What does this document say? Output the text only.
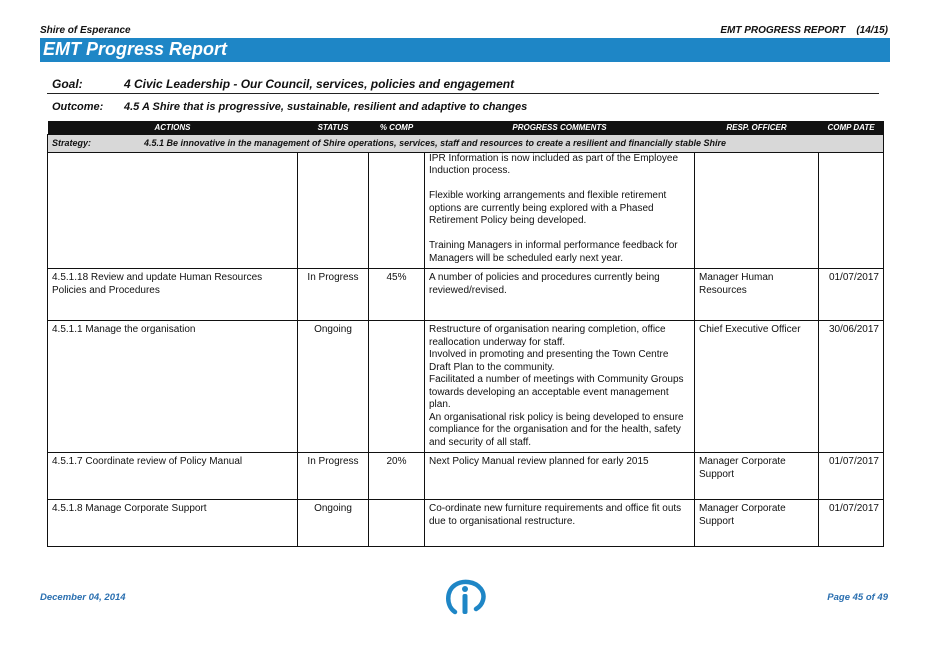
Shire of Esperance	EMT PROGRESS REPORT (14/15)
EMT Progress Report
Goal:	4 Civic Leadership - Our Council, services, policies and engagement
Outcome:	4.5 A Shire that is progressive, sustainable, resilient and adaptive to changes
ACTIONS	STATUS	% COMP	PROGRESS COMMENTS	RESP. OFFICER	COMP DATE
Strategy: 4.5.1 Be innovative in the management of Shire operations, services, staff and resources to create a resilient and financially stable Shire					

			IPR Information is now included as part of the Employee Induction process.

Flexible working arrangements and flexible retirement options are currently being explored with a Phased Retirement Policy being developed.

Training Managers in informal performance feedback for Managers will be scheduled early next year.		

4.5.1.18 Review and update Human Resources Policies and Procedures	In Progress	45%	A number of policies and procedures currently being reviewed/revised.	Manager Human Resources	01/07/2017
4.5.1.1 Manage the organisation	Ongoing		Restructure of organisation nearing completion, office reallocation underway for staff.
Involved in promoting and presenting the Town Centre Draft Plan to the community.
Facilitated a number of meetings with Community Groups towards developing an acceptable event management plan.
An organisational risk policy is being developed to ensure compliance for the organisation and for the health, safety and security of all staff.	Chief Executive Officer	30/06/2017
4.5.1.7 Coordinate review of Policy Manual	In Progress	20%	Next Policy Manual review planned for early 2015	Manager Corporate Support	01/07/2017
4.5.1.8 Manage Corporate Support	Ongoing		Co-ordinate new furniture requirements and office fit outs due to organisational restructure.	Manager Corporate Support	01/07/2017
December 04, 2014	Page 45 of 49
